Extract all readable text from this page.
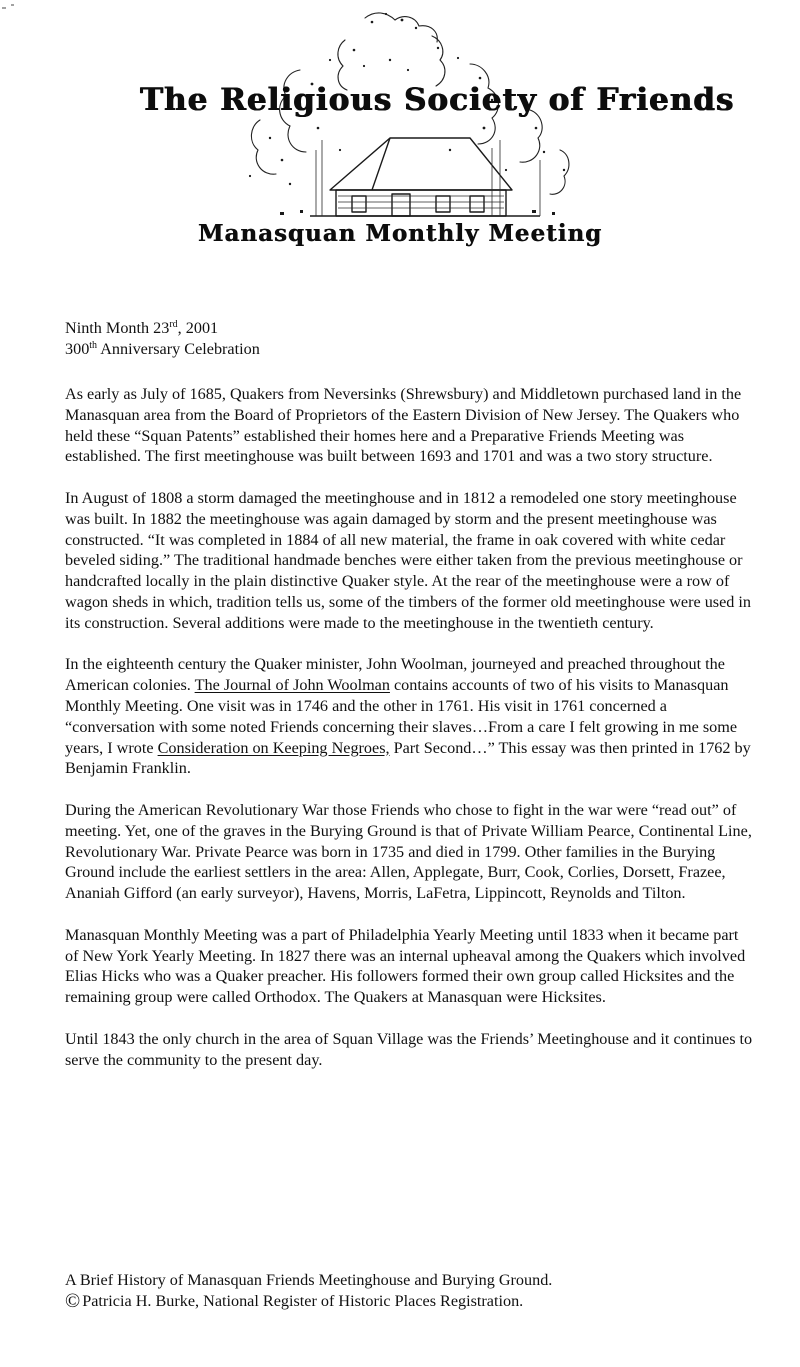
The Religious Society of Friends
Manasquan Monthly Meeting
Ninth Month 23rd, 2001
300th Anniversary Celebration

As early as July of 1685, Quakers from Neversinks (Shrewsbury) and Middletown purchased land in the Manasquan area from the Board of Proprietors of the Eastern Division of New Jersey. The Quakers who held these “Squan Patents” established their homes here and a Preparative Friends Meeting was established. The first meetinghouse was built between 1693 and 1701 and was a two story structure.

In August of 1808 a storm damaged the meetinghouse and in 1812 a remodeled one story meetinghouse was built. In 1882 the meetinghouse was again damaged by storm and the present meetinghouse was constructed. “It was completed in 1884 of all new material, the frame in oak covered with white cedar beveled siding.” The traditional handmade benches were either taken from the previous meetinghouse or handcrafted locally in the plain distinctive Quaker style. At the rear of the meetinghouse were a row of wagon sheds in which, tradition tells us, some of the timbers of the former old meetinghouse were used in its construction. Several additions were made to the meetinghouse in the twentieth century.

In the eighteenth century the Quaker minister, John Woolman, journeyed and preached throughout the American colonies. The Journal of John Woolman contains accounts of two of his visits to Manasquan Monthly Meeting. One visit was in 1746 and the other in 1761. His visit in 1761 concerned a “conversation with some noted Friends concerning their slaves…From a care I felt growing in me some years, I wrote Consideration on Keeping Negroes, Part Second…” This essay was then printed in 1762 by Benjamin Franklin.

During the American Revolutionary War those Friends who chose to fight in the war were “read out” of meeting. Yet, one of the graves in the Burying Ground is that of Private William Pearce, Continental Line, Revolutionary War. Private Pearce was born in 1735 and died in 1799. Other families in the Burying Ground include the earliest settlers in the area: Allen, Applegate, Burr, Cook, Corlies, Dorsett, Frazee, Ananiah Gifford (an early surveyor), Havens, Morris, LaFetra, Lippincott, Reynolds and Tilton.

Manasquan Monthly Meeting was a part of Philadelphia Yearly Meeting until 1833 when it became part of New York Yearly Meeting. In 1827 there was an internal upheaval among the Quakers which involved Elias Hicks who was a Quaker preacher. His followers formed their own group called Hicksites and the remaining group were called Orthodox. The Quakers at Manasquan were Hicksites.

Until 1843 the only church in the area of Squan Village was the Friends’ Meetinghouse and it continues to serve the community to the present day.

A Brief History of Manasquan Friends Meetinghouse and Burying Ground.
© Patricia H. Burke, National Register of Historic Places Registration.
